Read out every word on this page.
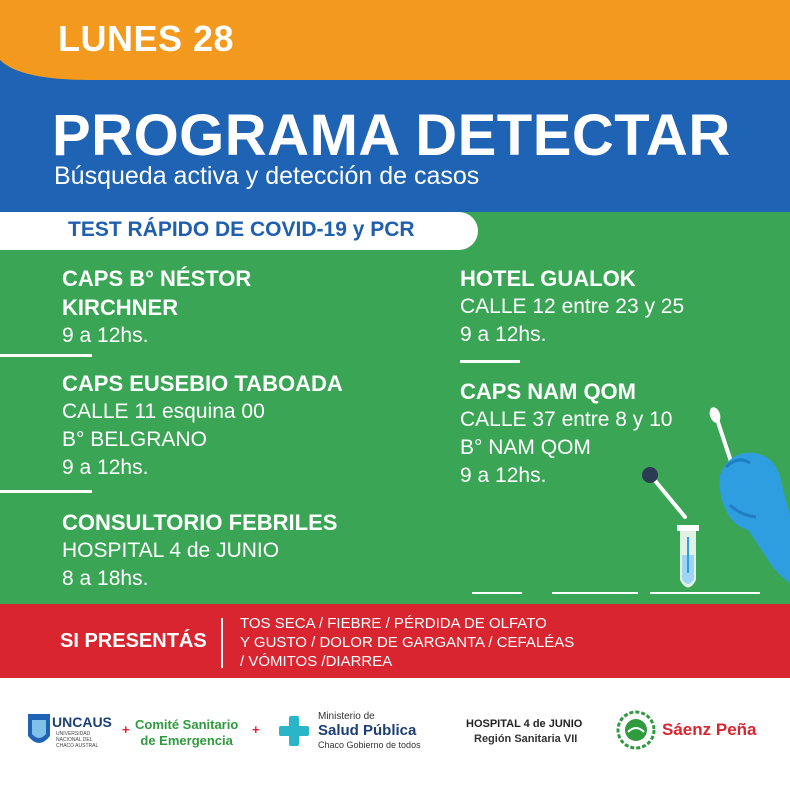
LUNES 28
PROGRAMA DETECTAR
Búsqueda activa y detección de casos
TEST RÁPIDO DE COVID-19 y PCR
CAPS B° NÉSTOR
KIRCHNER
9 a 12hs.
CAPS EUSEBIO TABOADA
CALLE 11 esquina 00
B° BELGRANO
9 a 12hs.
CONSULTORIO FEBRILES
HOSPITAL 4 de JUNIO
8 a 18hs.
HOTEL GUALOK
CALLE 12 entre 23 y 25
9 a 12hs.
CAPS NAM QOM
CALLE 37 entre 8 y 10
B° NAM QOM
9 a 12hs.
SI PRESENTÁS
TOS SECA / FIEBRE / PÉRDIDA DE OLFATO
Y GUSTO / DOLOR DE GARGANTA / CEFALÉAS
/ VÓMITOS /DIARREA
UNCAUS
UNIVERSIDAD
NACIONAL DEL
CHACO AUSTRAL
+ Comité Sanitario
de Emergencia
+
Ministerio de
Salud Pública
Chaco Gobierno de todos
HOSPITAL 4 de JUNIO
Región Sanitaria VII	Sáenz Peña
